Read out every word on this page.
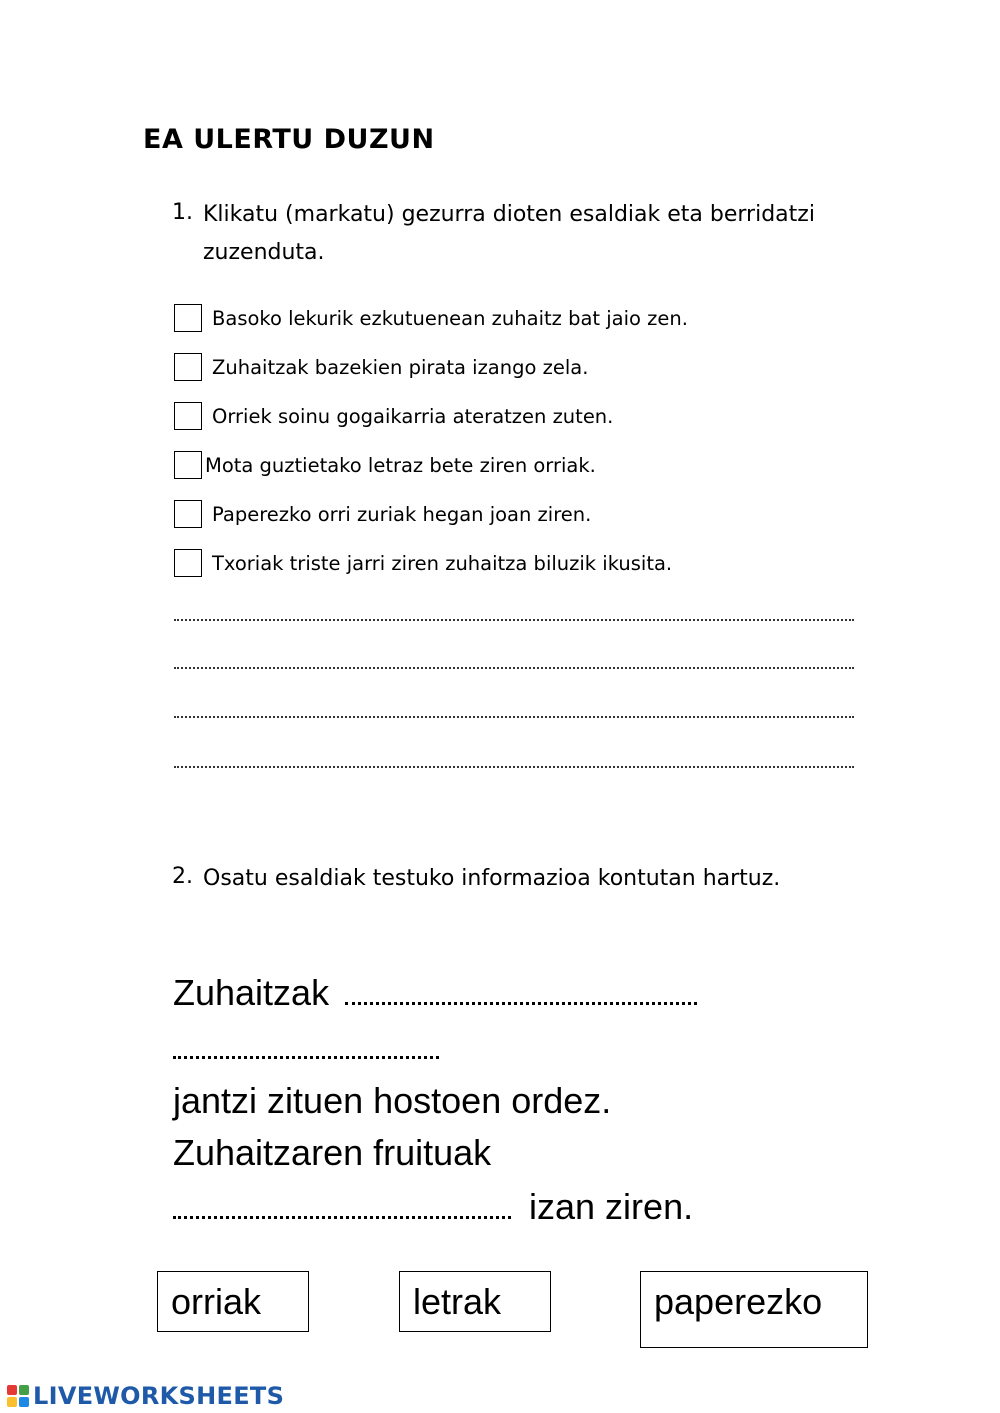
EA ULERTU DUZUN
1. Klikatu (markatu) gezurra dioten esaldiak eta berridatzi zuzenduta.
Basoko lekurik ezkutuenean zuhaitz bat jaio zen.
Zuhaitzak bazekien pirata izango zela.
Orriek soinu gogaikarria ateratzen zuten.
Mota guztietako letraz bete ziren orriak.
Paperezko orri zuriak hegan joan ziren.
Txoriak triste jarri ziren zuhaitza biluzik ikusita.
2. Osatu esaldiak testuko informazioa kontutan hartuz.
Zuhaitzak
jantzi zituen hostoen ordez.
Zuhaitzaren fruituak
izan ziren.
orriak	letrak	paperezko
LIVEWORKSHEETS
